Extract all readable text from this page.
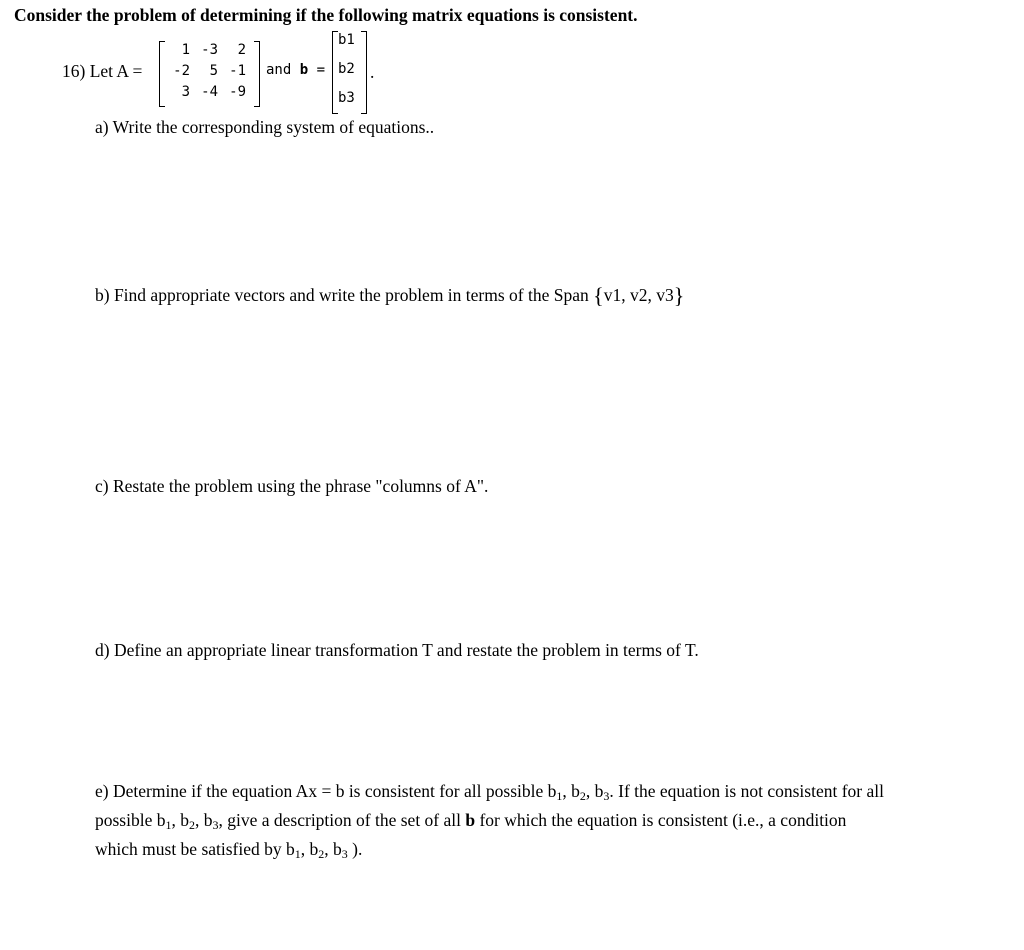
Consider the problem of determining if the following matrix equations is consistent.
16) Let A =
1 -3	2
-2	5 -1
3 -4 -9
and b =
b1
b2
b3
.
a) Write the corresponding system of equations..
b) Find appropriate vectors and write the problem in terms of the Span {v1, v2, v3}
c) Restate the problem using the phrase "columns of A".
d) Define an appropriate linear transformation T and restate the problem in terms of T.
e) Determine if the equation Ax = b is consistent for all possible b1, b2, b3. If the equation is not consistent for all
possible b1, b2, b3, give a description of the set of all b for which the equation is consistent (i.e., a condition
which must be satisfied by b1, b2, b3 ).
